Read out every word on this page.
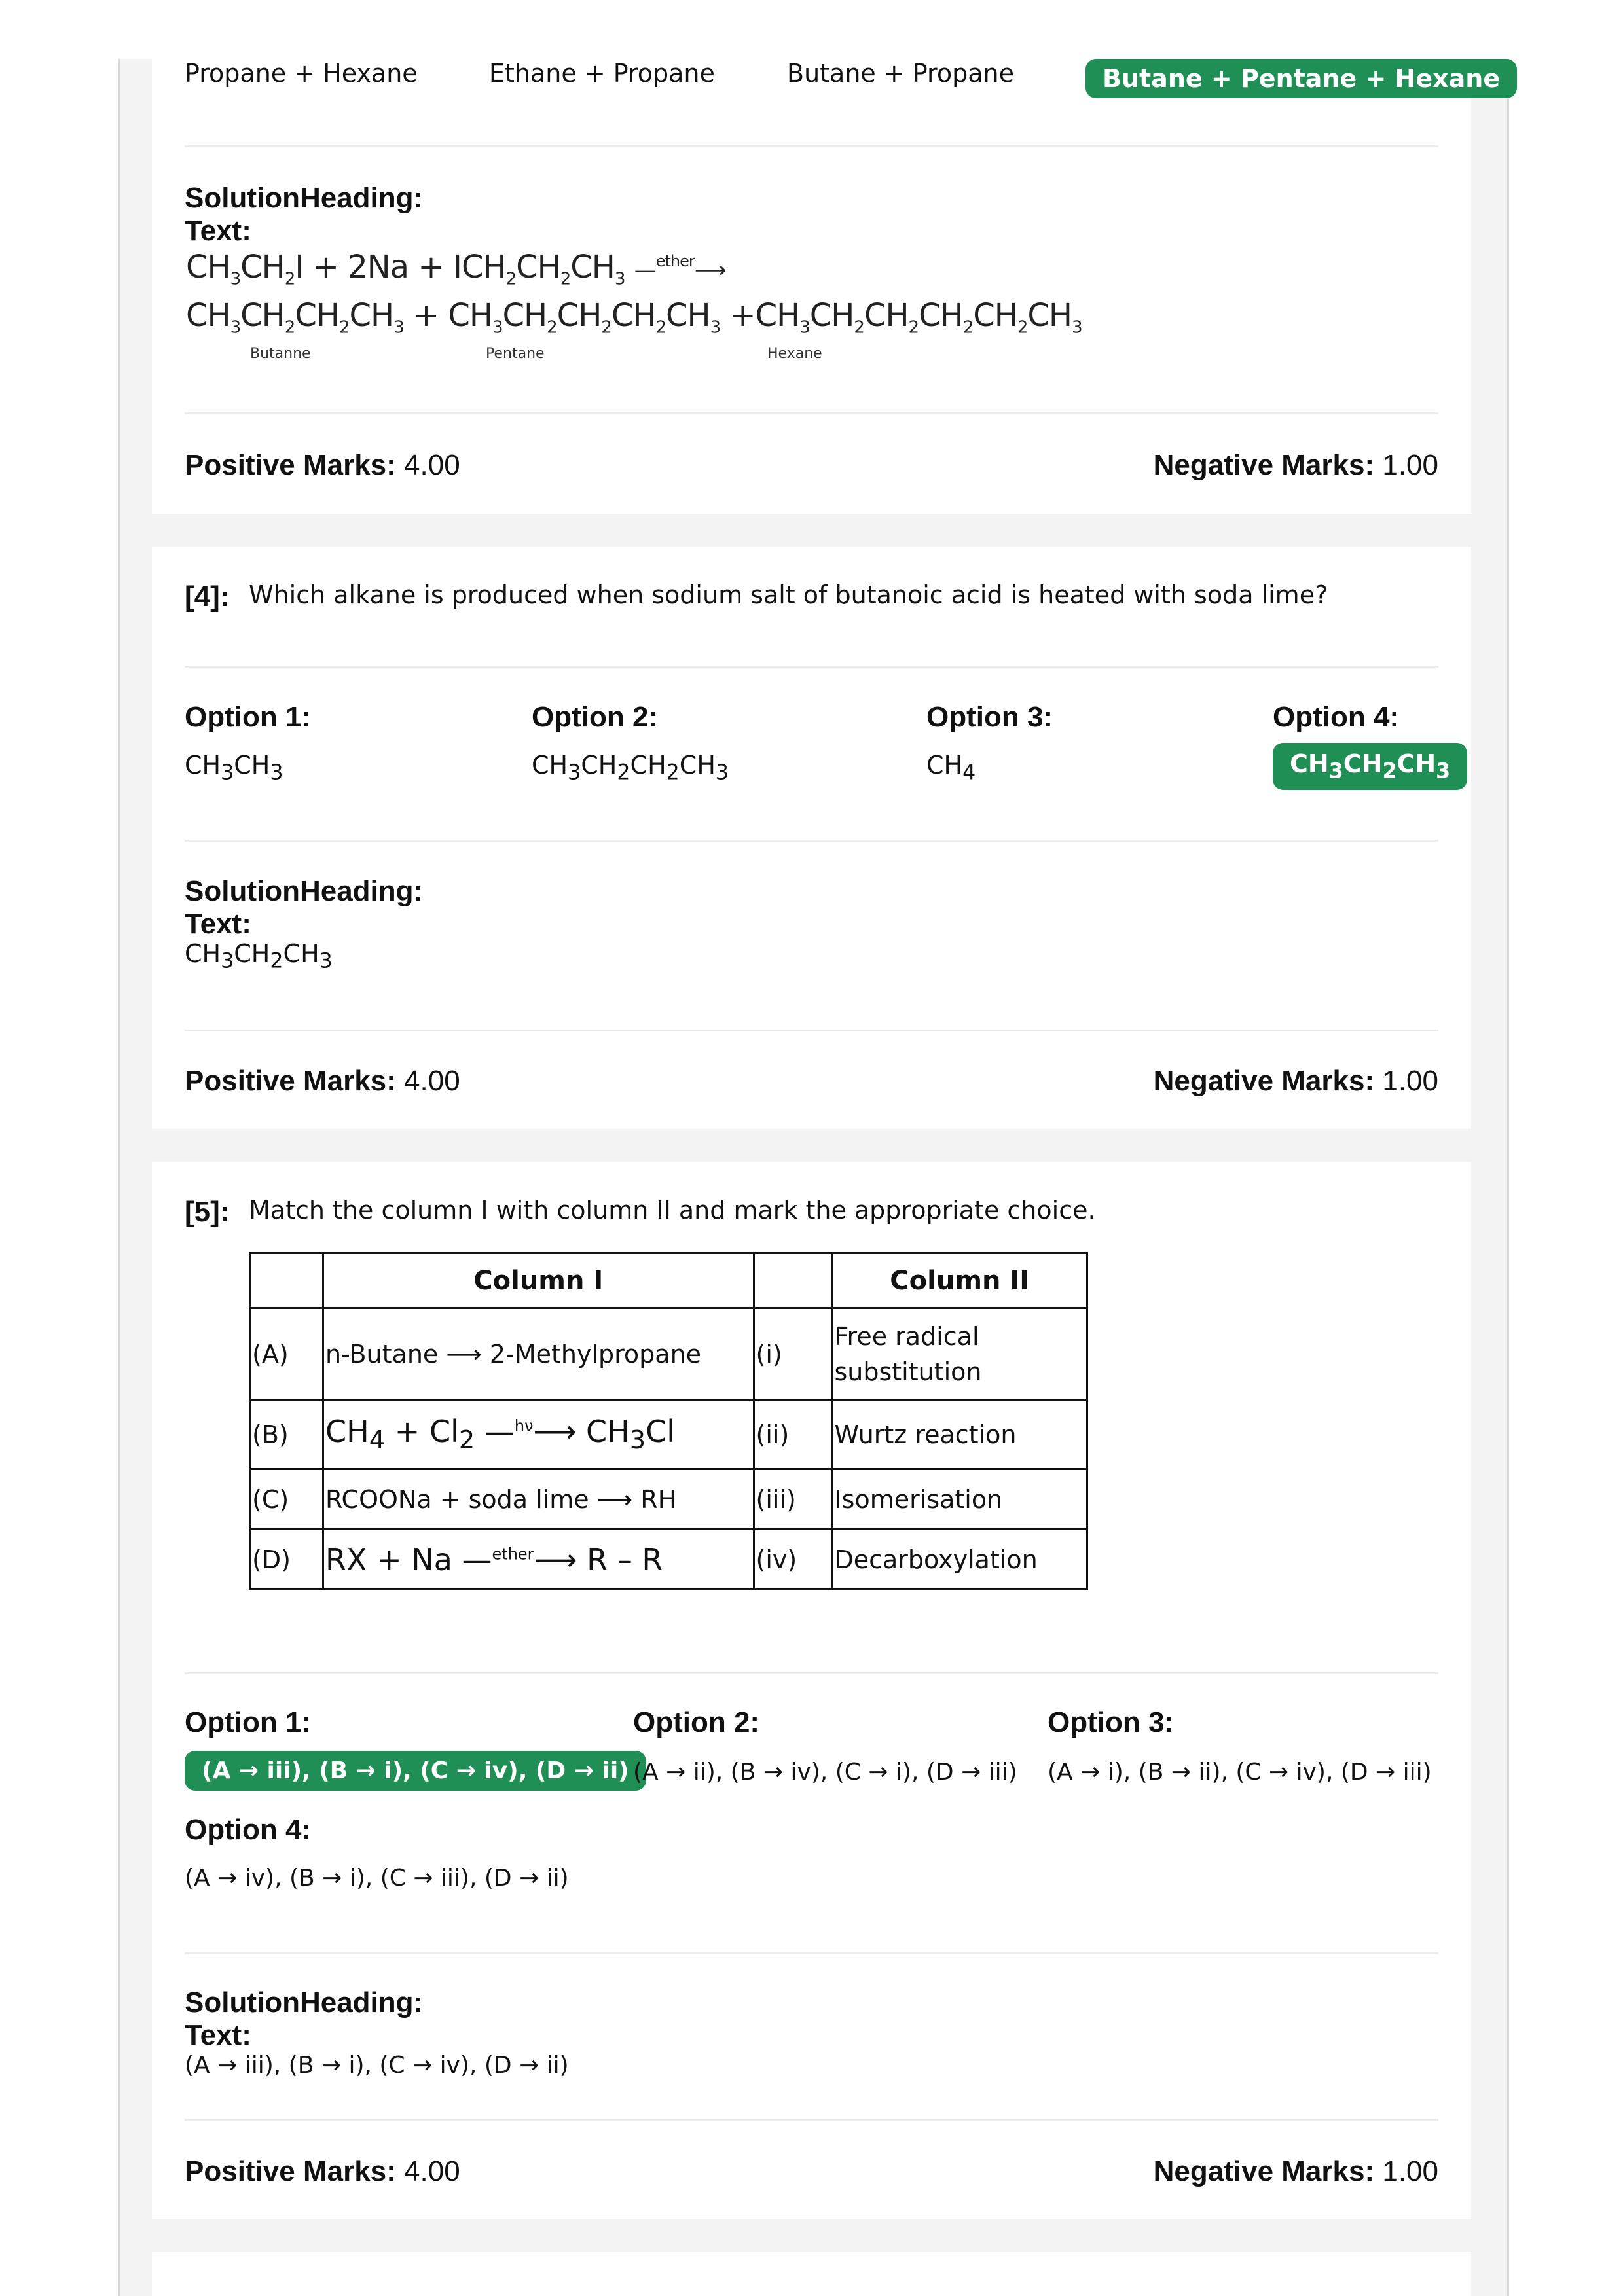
Propane + Hexane	Ethane + Propane	Butane + Propane	Butane + Pentane + Hexane
SolutionHeading:
Text:
$CH_3CH_2I + 2Na + ICH_2CH_2CH_3$ —$^{ether}$⟶
$CH_3CH_2CH_2CH_3 + CH_3CH_2CH_2CH_2CH_3 +CH_3CH_2CH_2CH_2CH_2CH_3$
Butanne	Pentane	Hexane
Positive Marks: 4.00	Negative Marks: 1.00
[4]: Which alkane is produced when sodium salt of butanoic acid is heated with soda lime?
Option 1:	Option 2:	Option 3:	Option 4:
$CH_3CH_3$	$CH_3CH_2CH_2CH_3$	$CH_4$	$CH_3CH_2CH_3$
SolutionHeading:
Text:
$CH_3CH_2CH_3$
Positive Marks: 4.00	Negative Marks: 1.00
[5]: Match the column I with column II and mark the appropriate choice.
	Column I		Column II
(A)	n-Butane ⟶ 2-Methylpropane	(i)	Free radical substitution
(B)	$CH_4 + Cl_2$ —$^{h\nu}$⟶ $CH_3Cl$	(ii)	Wurtz reaction
(C)	RCOONa + soda lime ⟶ RH	(iii)	Isomerisation
(D)	RX + Na —$^{ether}$⟶ R – R	(iv)	Decarboxylation
Option 1:	Option 2:	Option 3:
(A → iii), (B → i), (C → iv), (D → ii) (A → ii), (B → iv), (C → i), (D → iii) (A → i), (B → ii), (C → iv), (D → iii)
Option 4:
(A → iv), (B → i), (C → iii), (D → ii)
SolutionHeading:
Text:
(A → iii), (B → i), (C → iv), (D → ii)
Positive Marks: 4.00	Negative Marks: 1.00
